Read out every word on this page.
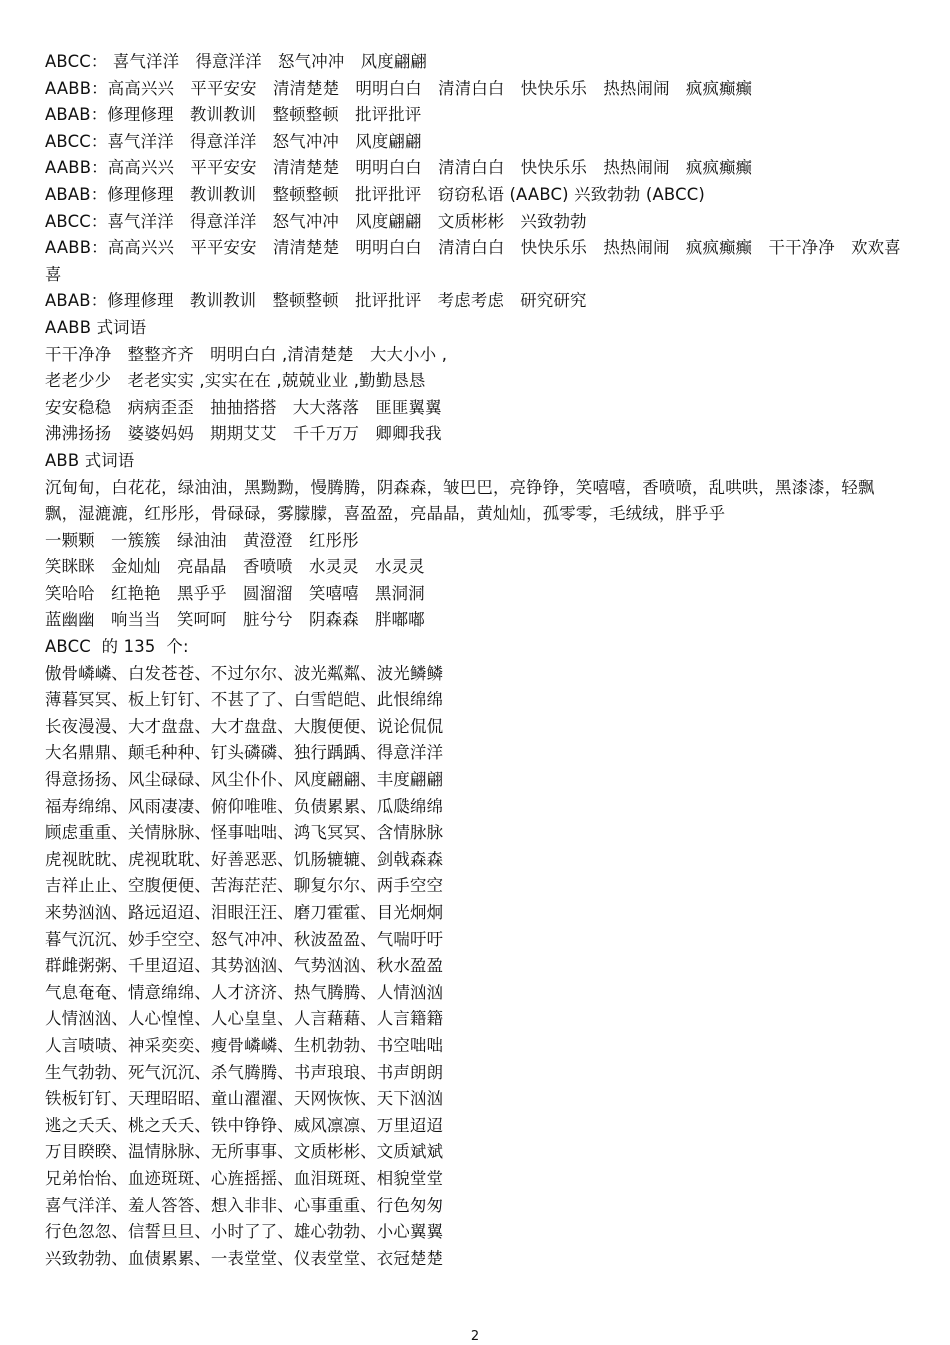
ABCC： 喜气洋洋   得意洋洋   怒气冲冲   风度翩翩
AABB：高高兴兴   平平安安   清清楚楚   明明白白   清清白白   快快乐乐   热热闹闹   疯疯癫癫
ABAB：修理修理   教训教训   整顿整顿   批评批评
ABCC：喜气洋洋   得意洋洋   怒气冲冲   风度翩翩
AABB：高高兴兴   平平安安   清清楚楚   明明白白   清清白白   快快乐乐   热热闹闹   疯疯癫癫
ABAB：修理修理   教训教训   整顿整顿   批评批评   窃窃私语 (AABC) 兴致勃勃 (ABCC)
ABCC：喜气洋洋   得意洋洋   怒气冲冲   风度翩翩   文质彬彬   兴致勃勃
AABB：高高兴兴   平平安安   清清楚楚   明明白白   清清白白   快快乐乐   热热闹闹   疯疯癫癫   干干净净   欢欢喜喜
ABAB：修理修理   教训教训   整顿整顿   批评批评   考虑考虑   研究研究
AABB 式词语
干干净净   整整齐齐   明明白白 ,清清楚楚   大大小小 ,
老老少少   老老实实 ,实实在在 ,兢兢业业 ,勤勤恳恳
安安稳稳   病病歪歪   抽抽搭搭   大大落落   匪匪翼翼
沸沸扬扬   婆婆妈妈   期期艾艾   千千万万   卿卿我我
ABB 式词语
沉甸甸，白花花，绿油油，黑黝黝，慢腾腾，阴森森，皱巴巴，亮铮铮，笑嘻嘻，香喷喷，乱哄哄，黑漆漆，轻飘飘，湿漉漉，红彤彤，骨碌碌，雾朦朦，喜盈盈，亮晶晶，黄灿灿，孤零零，毛绒绒，胖乎乎
一颗颗   一簇簇   绿油油   黄澄澄   红彤彤
笑眯眯   金灿灿   亮晶晶   香喷喷   水灵灵   水灵灵
笑哈哈   红艳艳   黑乎乎   圆溜溜   笑嘻嘻   黑洞洞
蓝幽幽   响当当   笑呵呵   脏兮兮   阴森森   胖嘟嘟
ABCC  的 135  个:
傲骨嶙嶙、白发苍苍、不过尔尔、波光粼粼、波光鳞鳞
薄暮冥冥、板上钉钉、不甚了了、白雪皑皑、此恨绵绵
长夜漫漫、大才盘盘、大才盘盘、大腹便便、说论侃侃
大名鼎鼎、颠毛种种、钉头磷磷、独行踽踽、得意洋洋
得意扬扬、风尘碌碌、风尘仆仆、风度翩翩、丰度翩翩
福寿绵绵、风雨凄凄、俯仰唯唯、负债累累、瓜瓞绵绵
顾虑重重、关情脉脉、怪事咄咄、鸿飞冥冥、含情脉脉
虎视眈眈、虎视耽耽、好善恶恶、饥肠辘辘、剑戟森森
吉祥止止、空腹便便、苦海茫茫、聊复尔尔、两手空空
来势汹汹、路远迢迢、泪眼汪汪、磨刀霍霍、目光炯炯
暮气沉沉、妙手空空、怒气冲冲、秋波盈盈、气喘吁吁
群雌粥粥、千里迢迢、其势汹汹、气势汹汹、秋水盈盈
气息奄奄、情意绵绵、人才济济、热气腾腾、人情汹汹
人情汹汹、人心惶惶、人心皇皇、人言藉藉、人言籍籍
人言啧啧、神采奕奕、瘦骨嶙嶙、生机勃勃、书空咄咄
生气勃勃、死气沉沉、杀气腾腾、书声琅琅、书声朗朗
铁板钉钉、天理昭昭、童山濯濯、天网恢恢、天下汹汹
逃之夭夭、桃之夭夭、铁中铮铮、威风凛凛、万里迢迢
万目睽睽、温情脉脉、无所事事、文质彬彬、文质斌斌
兄弟怡怡、血迹斑斑、心旌摇摇、血泪斑斑、相貌堂堂
喜气洋洋、羞人答答、想入非非、心事重重、行色匆匆
行色忽忽、信誓旦旦、小时了了、雄心勃勃、小心翼翼
兴致勃勃、血债累累、一表堂堂、仪表堂堂、衣冠楚楚
2
